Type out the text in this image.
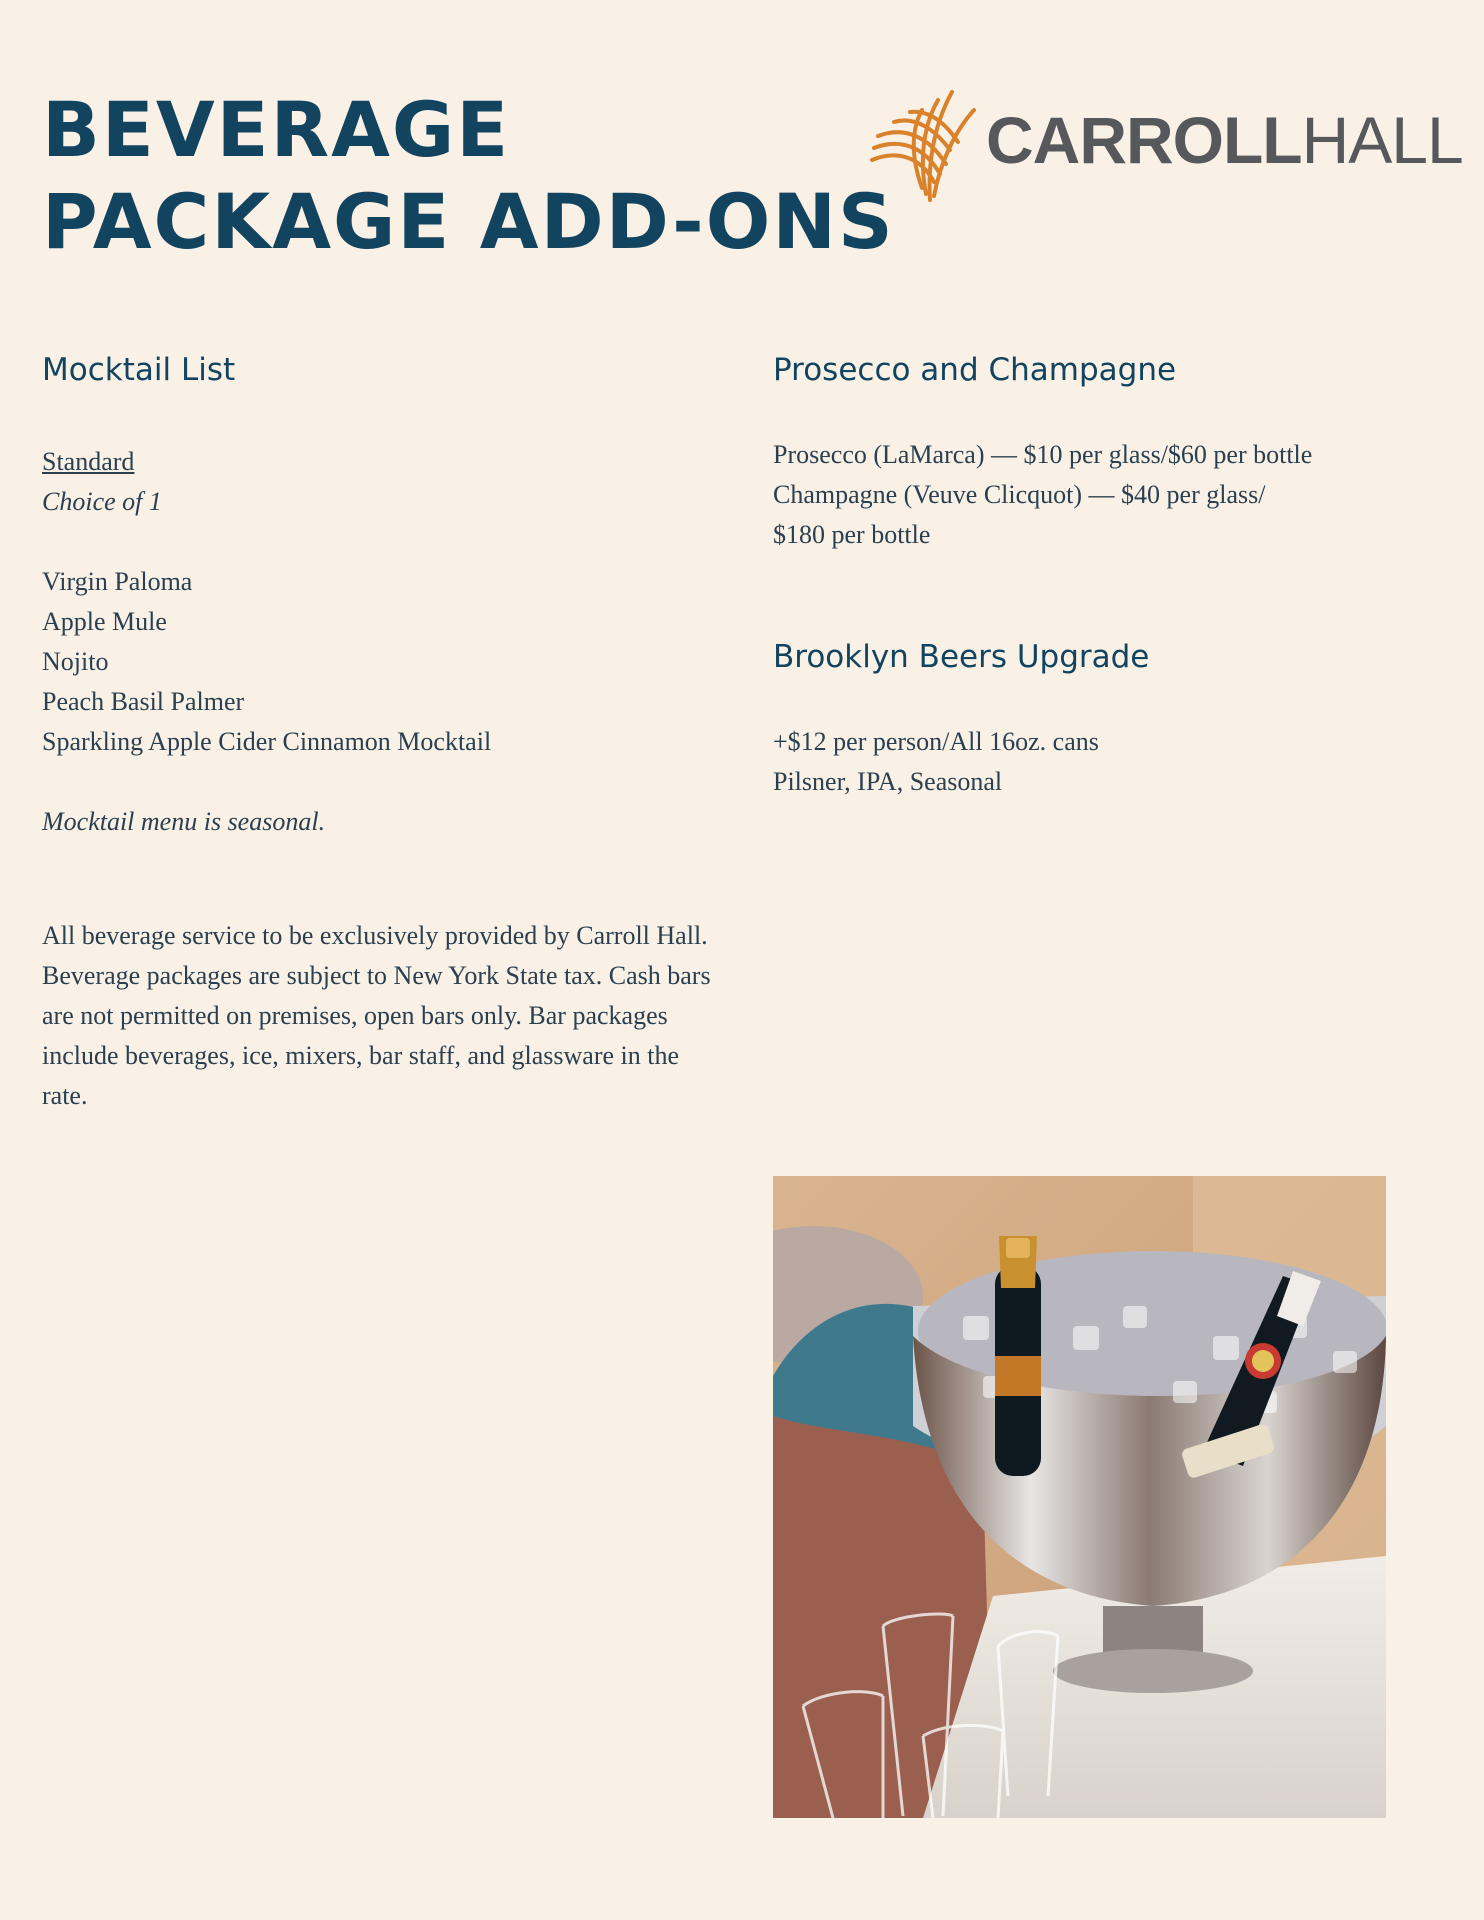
BEVERAGE
PACKAGE ADD-ONS
CARROLLHALL
Mocktail List
Standard
Choice of 1
Virgin Paloma
Apple Mule
Nojito
Peach Basil Palmer
Sparkling Apple Cider Cinnamon Mocktail
Mocktail menu is seasonal.

All beverage service to be exclusively provided by Carroll Hall. Beverage packages are subject to New York State tax. Cash bars are not permitted on premises, open bars only. Bar packages include beverages, ice, mixers, bar staff, and glassware in the rate.

Prosecco and Champagne
Prosecco (LaMarca) — $10 per glass/$60 per bottle
Champagne (Veuve Clicquot) — $40 per glass/
$180 per bottle
Brooklyn Beers Upgrade
+$12 per person/All 16oz. cans
Pilsner, IPA, Seasonal
